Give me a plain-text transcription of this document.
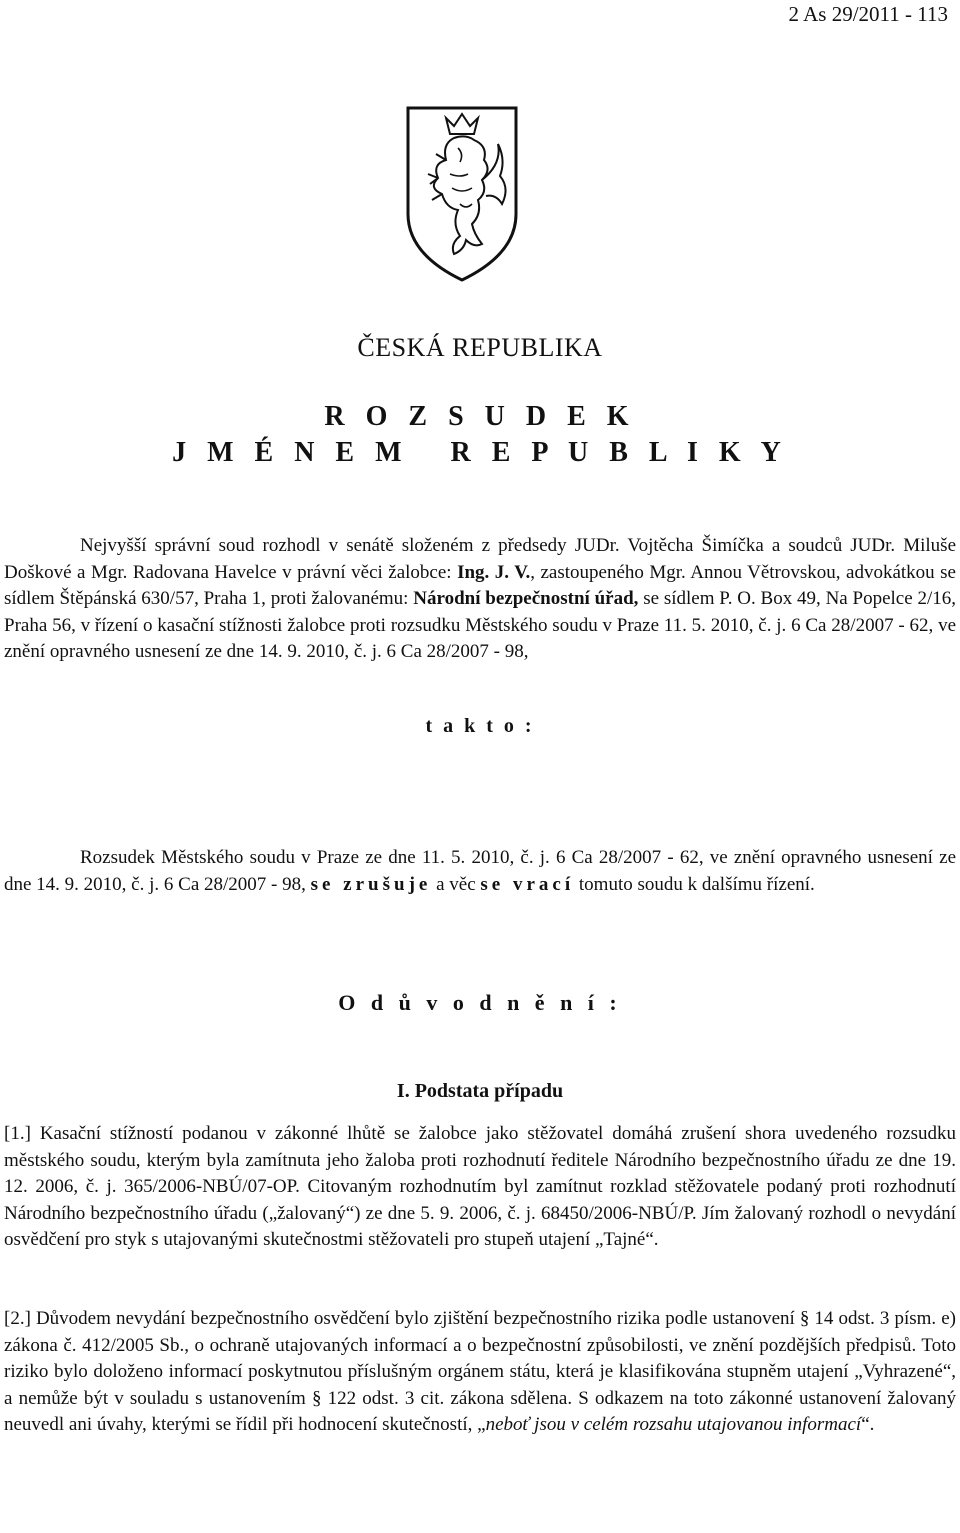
2 As 29/2011 - 113
ČESKÁ REPUBLIKA
R O Z S U D E K
J M É N E M   R E P U B L I K Y
Nejvyšší správní soud rozhodl v senátě složeném z předsedy JUDr. Vojtěcha Šimíčka a soudců JUDr. Miluše Doškové a Mgr. Radovana Havelce v právní věci žalobce: Ing. J. V., zastoupeného Mgr. Annou Větrovskou, advokátkou se sídlem Štěpánská 630/57, Praha 1, proti žalovanému: Národní bezpečnostní úřad, se sídlem P. O. Box 49, Na Popelce 2/16, Praha 56, v řízení o kasační stížnosti žalobce proti rozsudku Městského soudu v Praze 11. 5. 2010, č. j. 6 Ca 28/2007 - 62, ve znění opravného usnesení ze dne 14. 9. 2010, č. j. 6 Ca 28/2007 - 98,
t a k t o :
Rozsudek Městského soudu v Praze ze dne 11. 5. 2010, č. j. 6 Ca 28/2007 - 62, ve znění opravného usnesení ze dne 14. 9. 2010, č. j. 6 Ca 28/2007 - 98, se zrušuje a věc se vrací tomuto soudu k dalšímu řízení.
O d ů v o d n ě n í :
I. Podstata případu
[1.] Kasační stížností podanou v zákonné lhůtě se žalobce jako stěžovatel domáhá zrušení shora uvedeného rozsudku městského soudu, kterým byla zamítnuta jeho žaloba proti rozhodnutí ředitele Národního bezpečnostního úřadu ze dne 19. 12. 2006, č. j. 365/2006-NBÚ/07-OP. Citovaným rozhodnutím byl zamítnut rozklad stěžovatele podaný proti rozhodnutí Národního bezpečnostního úřadu („žalovaný“) ze dne 5. 9. 2006, č. j. 68450/2006-NBÚ/P. Jím žalovaný rozhodl o nevydání osvědčení pro styk s utajovanými skutečnostmi stěžovateli pro stupeň utajení „Tajné“.
[2.] Důvodem nevydání bezpečnostního osvědčení bylo zjištění bezpečnostního rizika podle ustanovení § 14 odst. 3 písm. e) zákona č. 412/2005 Sb., o ochraně utajovaných informací a o bezpečnostní způsobilosti, ve znění pozdějších předpisů. Toto riziko bylo doloženo informací poskytnutou příslušným orgánem státu, která je klasifikována stupněm utajení „Vyhrazené“, a nemůže být v souladu s ustanovením § 122 odst. 3 cit. zákona sdělena. S odkazem na toto zákonné ustanovení žalovaný neuvedl ani úvahy, kterými se řídil při hodnocení skutečností, „neboť jsou v celém rozsahu utajovanou informací“.
